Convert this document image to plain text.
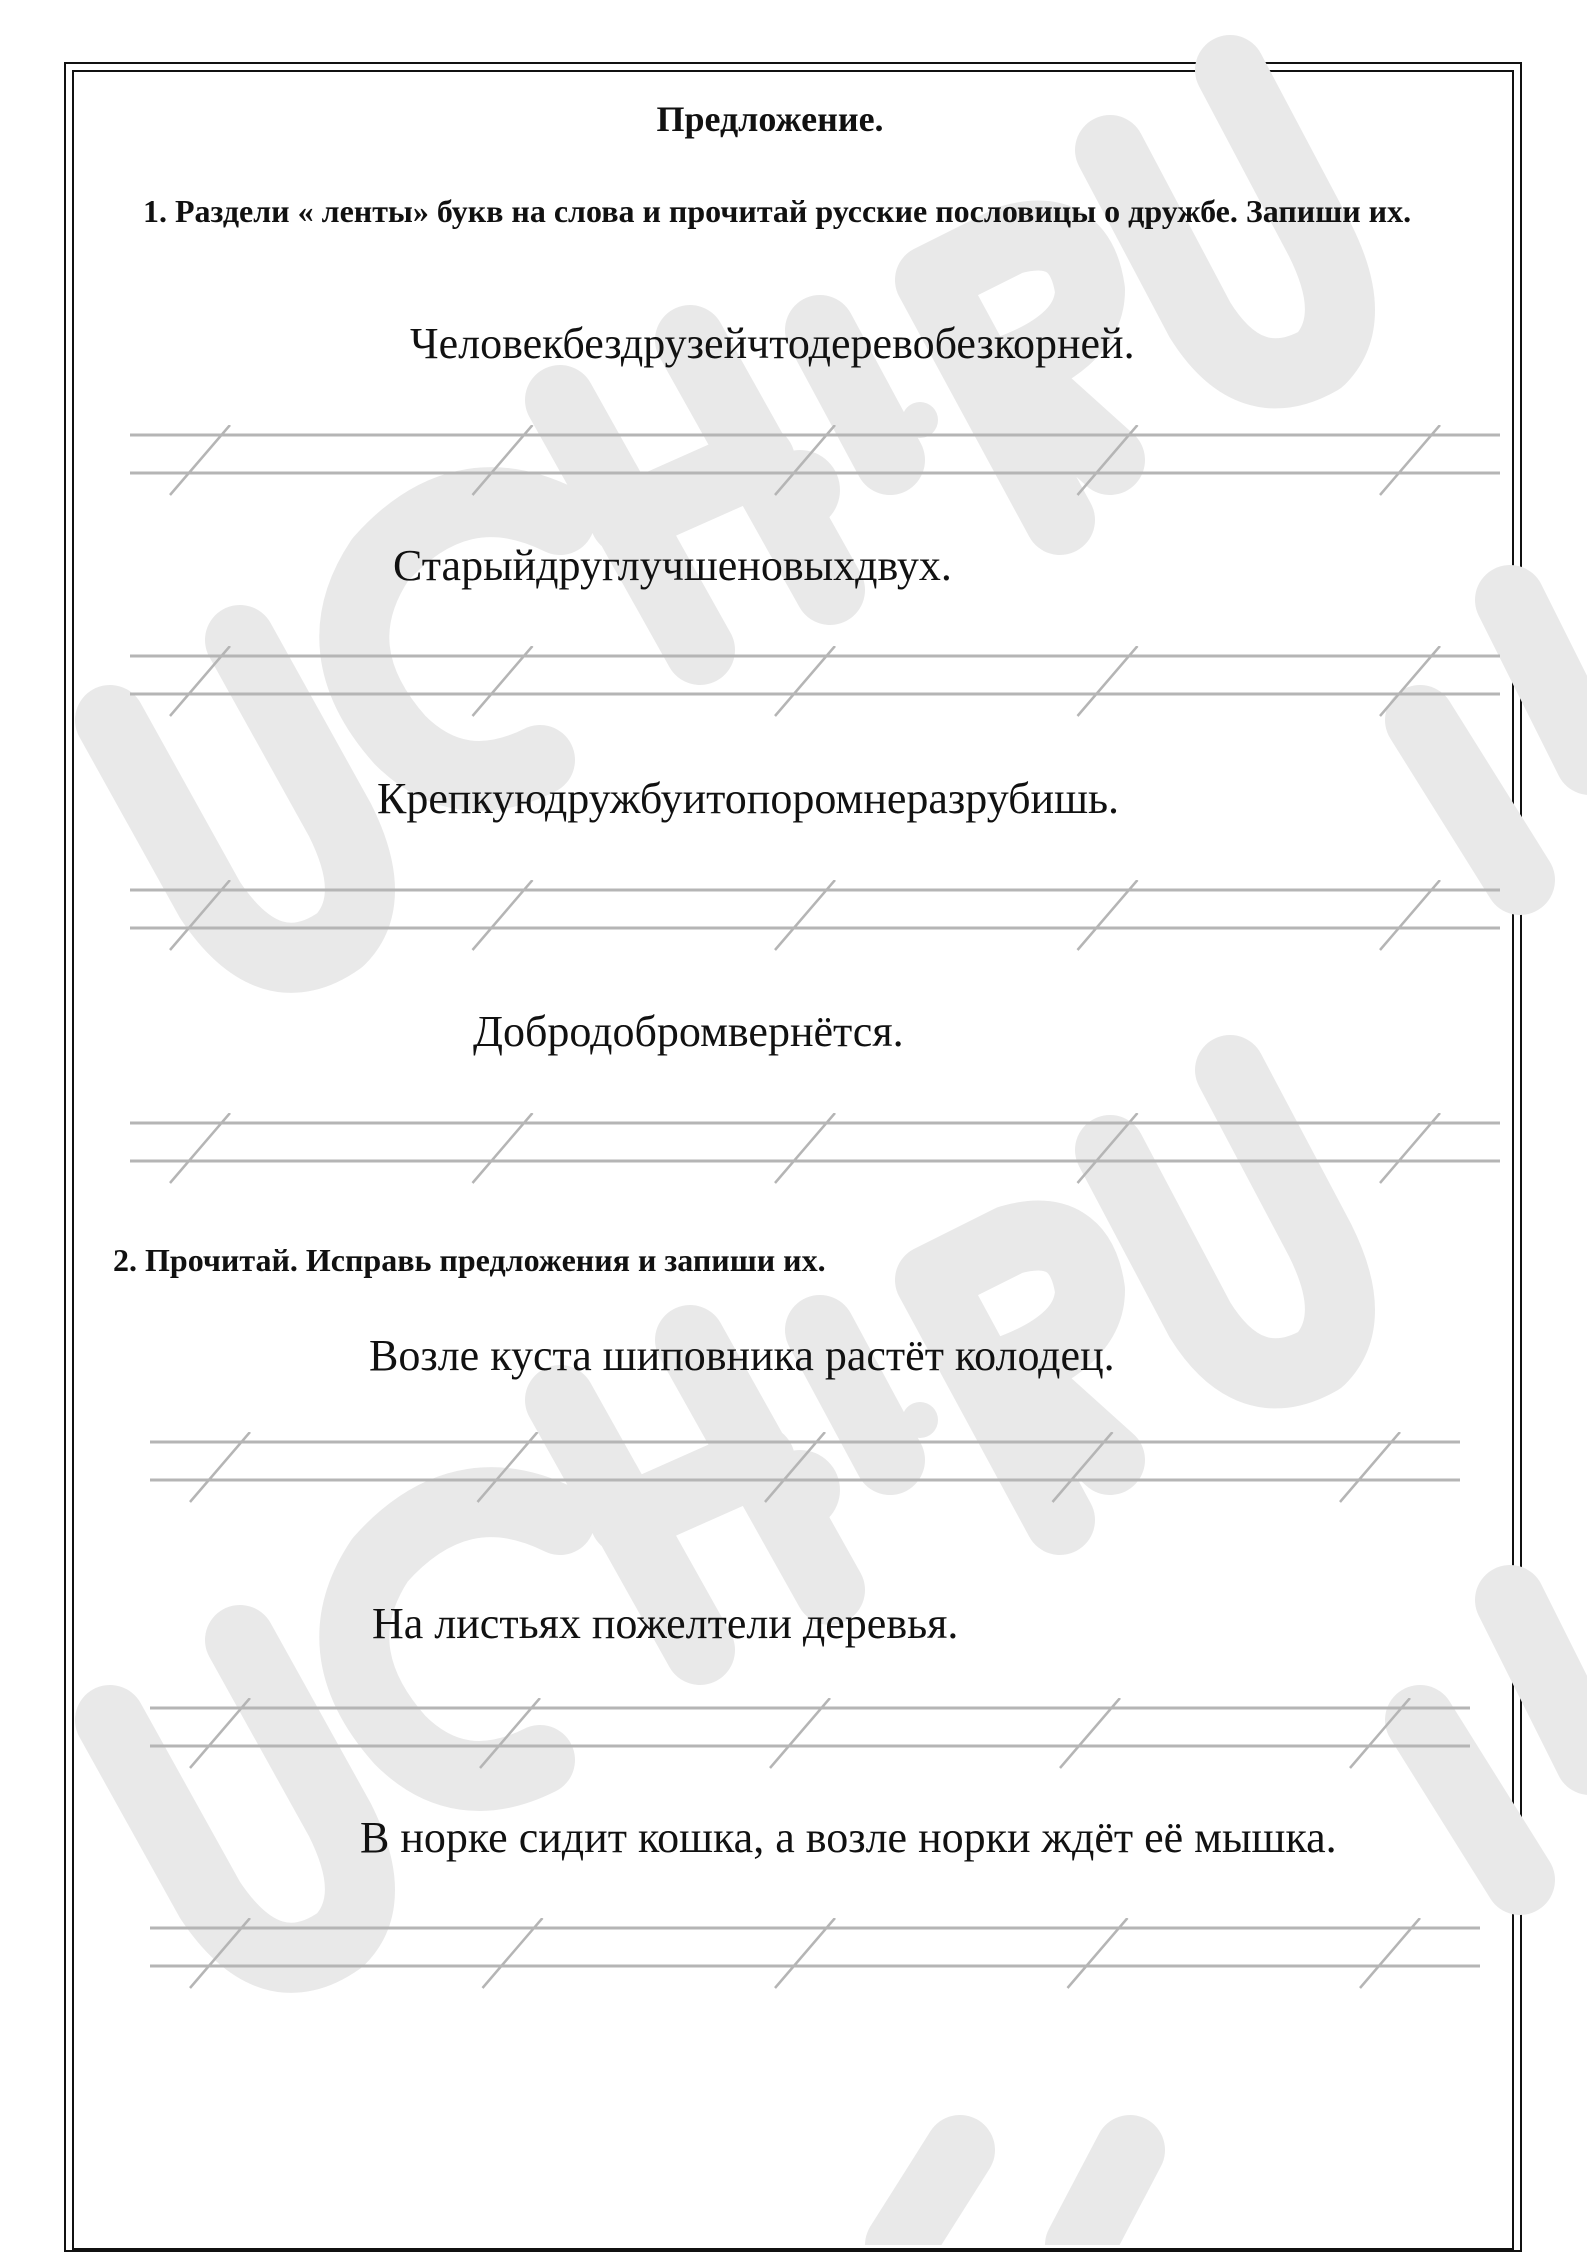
Предложение.
1. Раздели « ленты» букв на слова и прочитай русские пословицы о дружбе. Запиши их.
Человекбездрузейчтодеревобезкорней.
Старыйдруглучшеновыхдвух.
Крепкуюдружбуитопоромнеразрубишь.
Добродобромвернётся.
2. Прочитай. Исправь предложения и запиши их.
Возле куста шиповника растёт колодец.
На листьях пожелтели деревья.
В норке сидит кошка, а возле норки ждёт её мышка.
